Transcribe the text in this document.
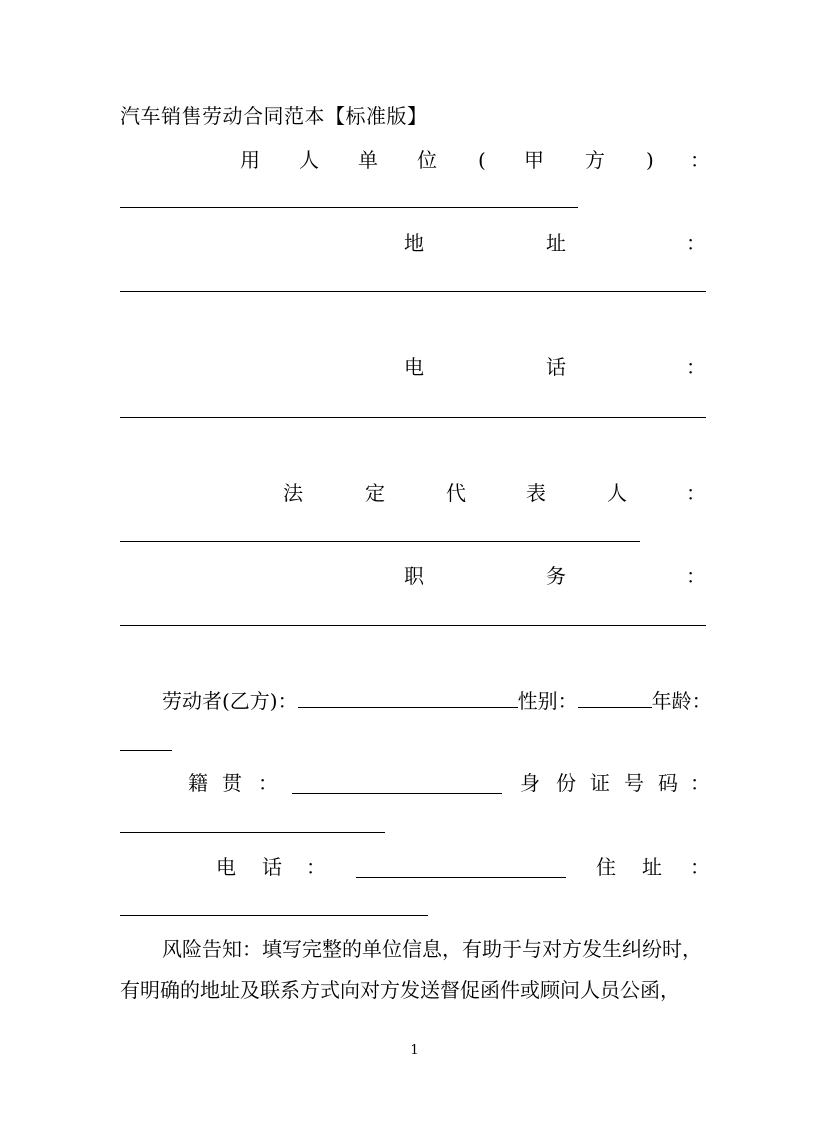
汽车销售劳动合同范本【标准版】
用 人 单 位 ( 甲 方 ) ：
地	址	：
电	话	：
法	定	代	表	人	：
职	务	：
劳动者(乙方)：	性别：	年龄：
籍 贯 ：	身 份 证 号 码 ：
电 话 ：	住 址 ：
风险告知：填写完整的单位信息，有助于与对方发生纠纷时，
有明确的地址及联系方式向对方发送督促函件或顾问人员公函，
1
